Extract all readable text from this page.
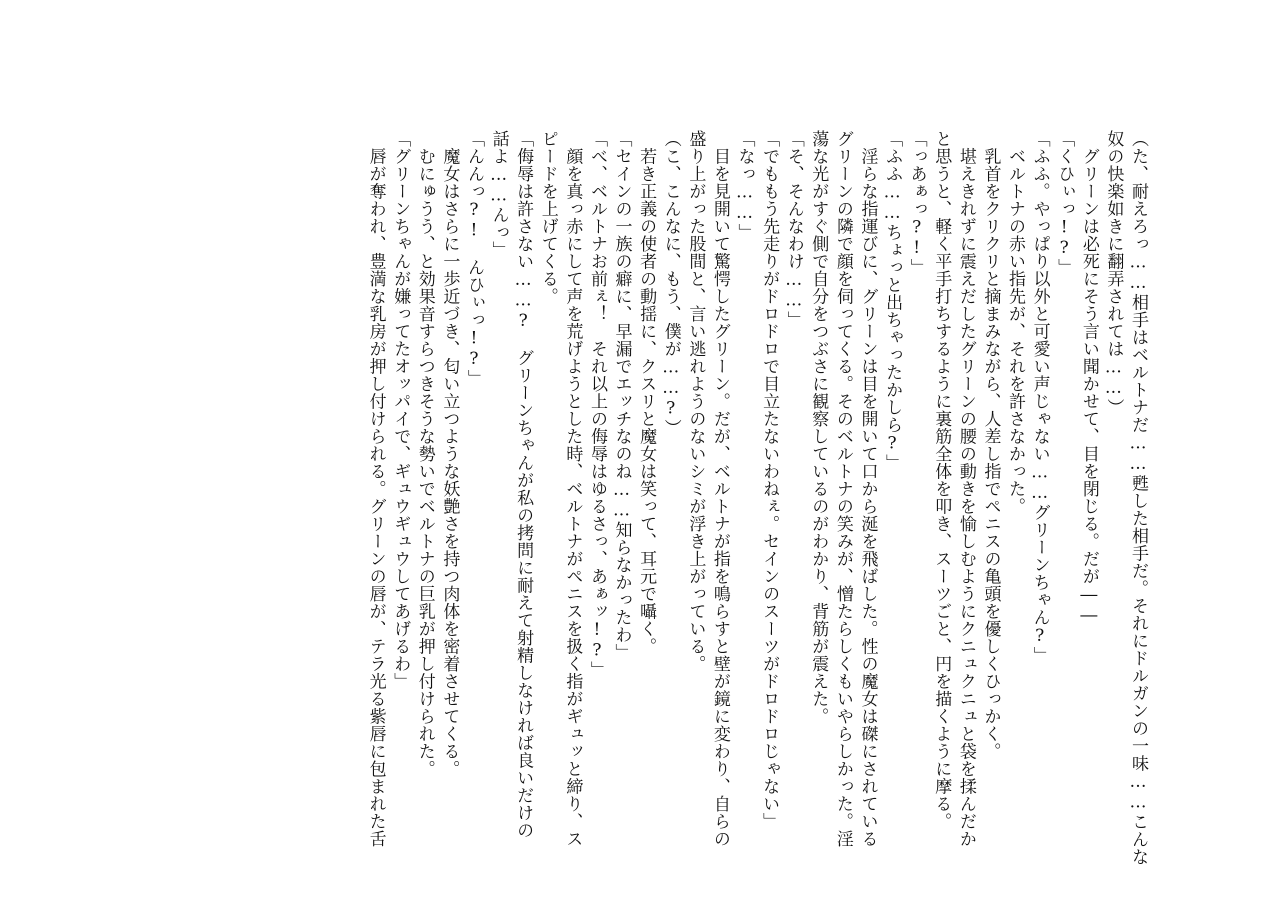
（た、耐えろっ……相手はベルトナだ……甦した相手だ。それにドルガンの一味……こんな
奴の快楽如きに翻弄されては……）
　グリーンは必死にそう言い聞かせて、目を閉じる。だが――
「くひぃっ!?」
「ふふ。やっぱり以外と可愛い声じゃない……グリーンちゃん?」
　ベルトナの赤い指先が、それを許さなかった。
　乳首をクリクリと摘まみながら、人差し指でペニスの亀頭を優しくひっかく。
　堪えきれずに震えだしたグリーンの腰の動きを愉しむようにクニュクニュと袋を揉んだか
と思うと、軽く平手打ちするように裏筋全体を叩き、スーツごと、円を描くように摩る。
「っあぁっ?!」
「ふふ……ちょっと出ちゃったかしら?」
　淫らな指運びに、グリーンは目を開いて口から涎を飛ばした。性の魔女は磔にされている
グリーンの隣で顔を伺ってくる。そのベルトナの笑みが、憎たらしくもいやらしかった。淫
蕩な光がすぐ側で自分をつぶさに観察しているのがわかり、背筋が震えた。
「そ、そんなわけ……」
「でももう先走りがドロドロで目立たないわねぇ。セインのスーツがドロドロじゃない」
「なっ……」
　目を見開いて驚愕したグリーン。だが、ベルトナが指を鳴らすと壁が鏡に変わり、自らの
盛り上がった股間と、言い逃れようのないシミが浮き上がっている。
（こ、こんなに、もう、僕が……?）
　若き正義の使者の動揺に、クスリと魔女は笑って、耳元で囁く。
「セインの一族の癖に、早漏でエッチなのね……知らなかったわ」
「べ、ベルトナお前ぇ！　それ以上の侮辱はゆるさっ、あぁッ!?」
　顔を真っ赤にして声を荒げようとした時、ベルトナがペニスを扱く指がギュッと締り、ス
ピードを上げてくる。
「侮辱は許さない……?　グリーンちゃんが私の拷問に耐えて射精しなければ良いだけの
話よ……んっ」
「んんっ?!　んひぃっ!?」
　魔女はさらに一歩近づき、匂い立つような妖艶さを持つ肉体を密着させてくる。
　むにゅうう、と効果音すらつきそうな勢いでベルトナの巨乳が押し付けられた。
「グリーンちゃんが嫌ってたオッパイで、ギュウギュウしてあげるわ」
　唇が奪われ、豊満な乳房が押し付けられる。グリーンの唇が、テラ光る紫唇に包まれた舌
